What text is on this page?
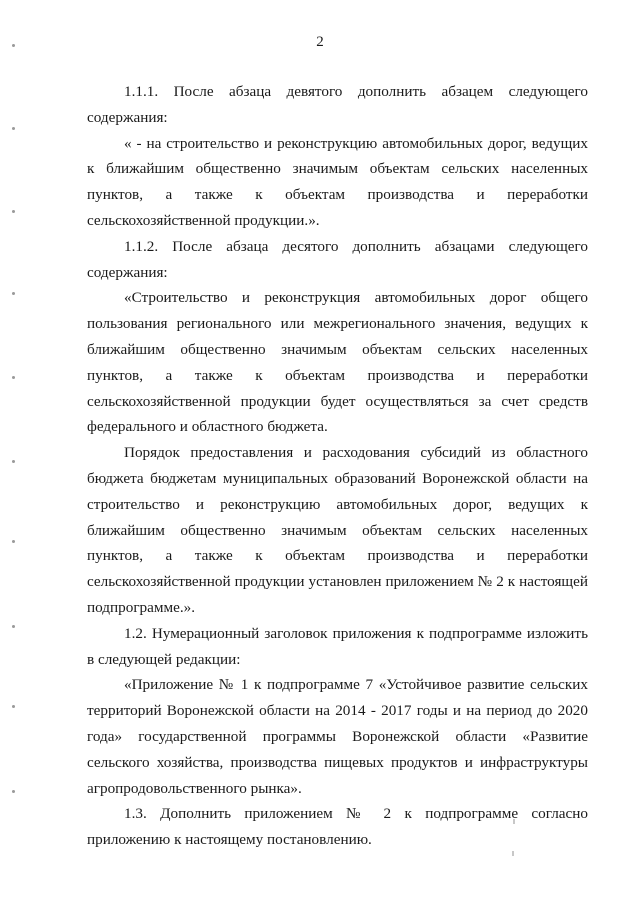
2

1.1.1. После абзаца девятого дополнить абзацем следующего содержания:

« - на строительство и реконструкцию автомобильных дорог, ведущих к ближайшим общественно значимым объектам сельских населенных пунктов, а также к объектам производства и переработки сельскохозяйственной продукции.».

1.1.2. После абзаца десятого дополнить абзацами следующего содержания:

«Строительство и реконструкция автомобильных дорог общего пользования регионального или межрегионального значения, ведущих к ближайшим общественно значимым объектам сельских населенных пунктов, а также к объектам производства и переработки сельскохозяйственной продукции будет осуществляться за счет средств федерального и областного бюджета.

Порядок предоставления и расходования субсидий из областного бюджета бюджетам муниципальных образований Воронежской области на строительство и реконструкцию автомобильных дорог, ведущих к ближайшим общественно значимым объектам сельских населенных пунктов, а также к объектам производства и переработки сельскохозяйственной продукции установлен приложением № 2 к настоящей подпрограмме.».

1.2. Нумерационный заголовок приложения к подпрограмме изложить в следующей редакции:

«Приложение № 1 к подпрограмме 7 «Устойчивое развитие сельских территорий Воронежской области на 2014 - 2017 годы и на период до 2020 года» государственной программы Воронежской области «Развитие сельского хозяйства, производства пищевых продуктов и инфраструктуры агропродовольственного рынка».

1.3. Дополнить приложением № 2 к подпрограмме согласно приложению к настоящему постановлению.
